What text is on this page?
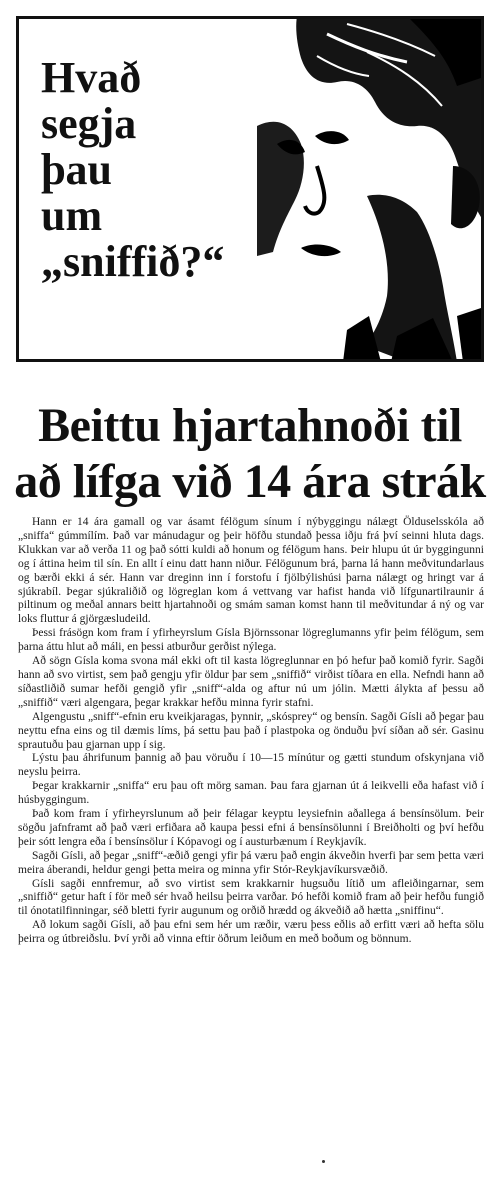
Hvað
segja
þau
um
„sniffið?“
Beittu hjartahnoði til
að lífga við 14 ára strák

Hann er 14 ára gamall og var ásamt félögum sínum í nýbyggingu nálægt Ölduselsskóla að „sniffa“ gúmmílím. Það var mánudagur og þeir höfðu stundað þessa iðju frá því seinni hluta dags. Klukkan var að verða 11 og það sótti kuldi að honum og félögum hans. Þeir hlupu út úr byggingunni og í áttina heim til sín. En allt í einu datt hann niður. Félögunum brá, þarna lá hann meðvitundarlaus og bærði ekki á sér. Hann var dreginn inn í forstofu í fjölbýlishúsi þarna nálægt og hringt var á sjúkrabíl. Þegar sjúkraliðið og lögreglan kom á vettvang var hafist handa við lífgunartilraunir á piltinum og meðal annars beitt hjartahnoði og smám saman komst hann til meðvitundar á ný og var loks fluttur á gjörgæsludeild.

Þessi frásögn kom fram í yfirheyrslum Gísla Björnssonar lögreglumanns yfir þeim félögum, sem þarna áttu hlut að máli, en þessi atburður gerðist nýlega.

Að sögn Gísla koma svona mál ekki oft til kasta lögreglunnar en þó hefur það komið fyrir. Sagði hann að svo virtist, sem það gengju yfir öldur þar sem „sniffið“ virðist tíðara en ella. Nefndi hann að síðastliðið sumar hefði gengið yfir „sniff“-alda og aftur nú um jólin. Mætti álykta af þessu að „sniffið“ væri algengara, þegar krakkar hefðu minna fyrir stafni.

Algengustu „sniff“-efnin eru kveikjaragas, þynnir, „skósprey“ og bensín. Sagði Gísli að þegar þau neyttu efna eins og til dæmis líms, þá settu þau það í plastpoka og önduðu því síðan að sér. Gasinu sprautuðu þau gjarnan upp í sig.

Lýstu þau áhrifunum þannig að þau vöruðu í 10—15 mínútur og gætti stundum ofskynjana við neyslu þeirra.

Þegar krakkarnir „sniffa“ eru þau oft mörg saman. Þau fara gjarnan út á leikvelli eða hafast við í húsbyggingum.

Það kom fram í yfirheyrslunum að þeir félagar keyptu leysiefnin aðallega á bensínsölum. Þeir sögðu jafnframt að það væri erfiðara að kaupa þessi efni á bensínsölunni í Breiðholti og því hefðu þeir sótt lengra eða í bensínsölur í Kópavogi og í austurbænum í Reykjavík.

Sagði Gísli, að þegar „sniff“-æðið gengi yfir þá væru það engin ákveðin hverfi þar sem þetta væri meira áberandi, heldur gengi þetta meira og minna yfir Stór-Reykjavíkursvæðið.

Gísli sagði ennfremur, að svo virtist sem krakkarnir hugsuðu lítið um afleiðingarnar, sem „sniffið“ getur haft í för með sér hvað heilsu þeirra varðar. Þó hefði komið fram að þeir hefðu fungið til ónotatilfinningar, séð bletti fyrir augunum og orðið hrædd og ákveðið að hætta „sniffinu“.

Að lokum sagði Gísli, að þau efni sem hér um ræðir, væru þess eðlis að erfitt væri að hefta sölu þeirra og útbreiðslu. Því yrði að vinna eftir öðrum leiðum en með boðum og bönnum.
